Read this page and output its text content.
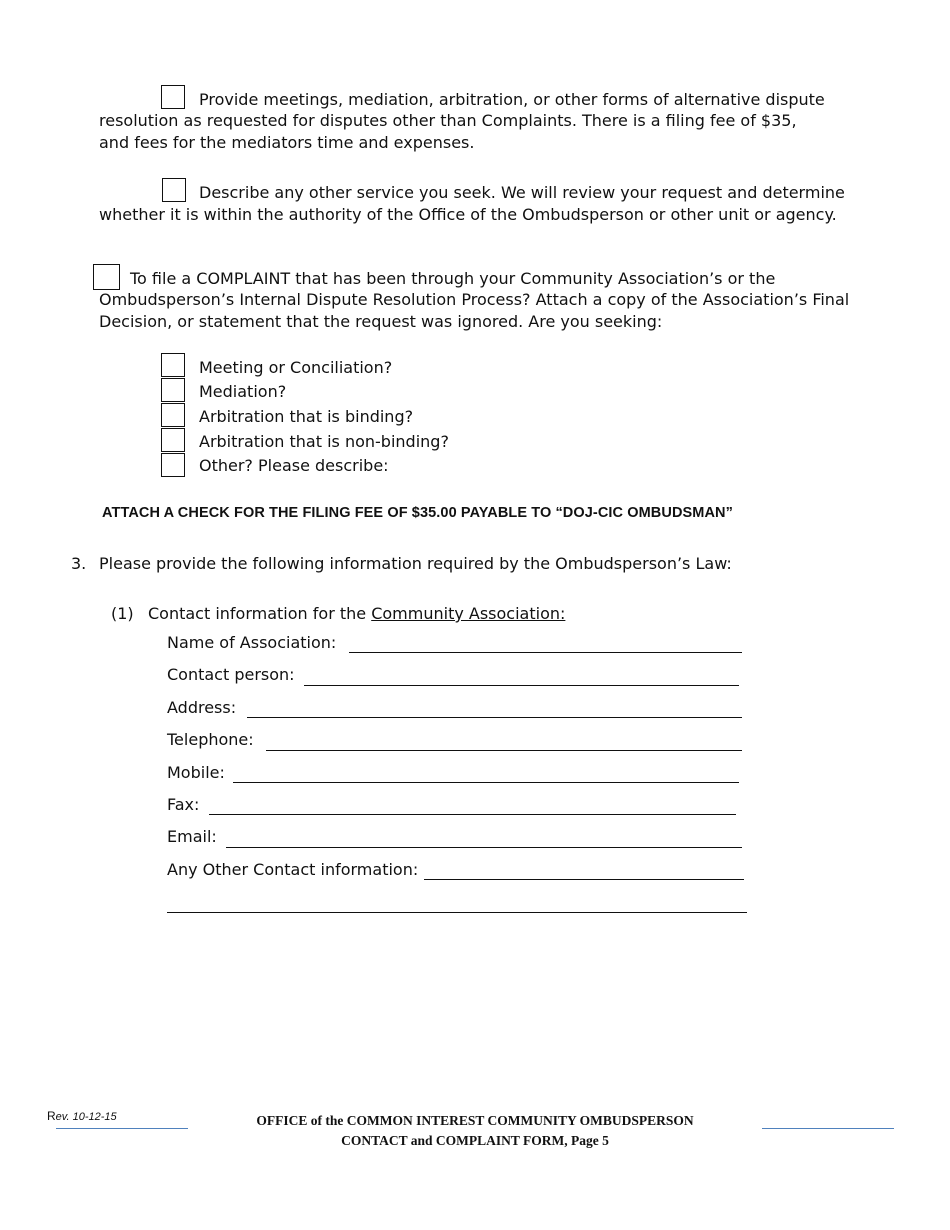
Provide meetings, mediation, arbitration, or other forms of alternative dispute
resolution as requested for disputes other than Complaints. There is a filing fee of $35,
and fees for the mediators time and expenses.
Describe any other service you seek. We will review your request and determine
whether it is within the authority of the Office of the Ombudsperson or other unit or agency.
To file a COMPLAINT that has been through your Community Association’s or the
Ombudsperson’s Internal Dispute Resolution Process? Attach a copy of the Association’s Final
Decision, or statement that the request was ignored. Are you seeking:
Meeting or Conciliation?
Mediation?
Arbitration that is binding?
Arbitration that is non-binding?
Other? Please describe:
ATTACH A CHECK FOR THE FILING FEE OF $35.00 PAYABLE TO “DOJ-CIC OMBUDSMAN”
3. Please provide the following information required by the Ombudsperson’s Law:
(1) Contact information for the Community Association:
Name of Association:
Contact person:
Address:
Telephone:
Mobile:
Fax:
Email:
Any Other Contact information:
Rev. 10-12-15	OFFICE of the COMMON INTEREST COMMUNITY OMBUDSPERSON
CONTACT and COMPLAINT FORM, Page 5
